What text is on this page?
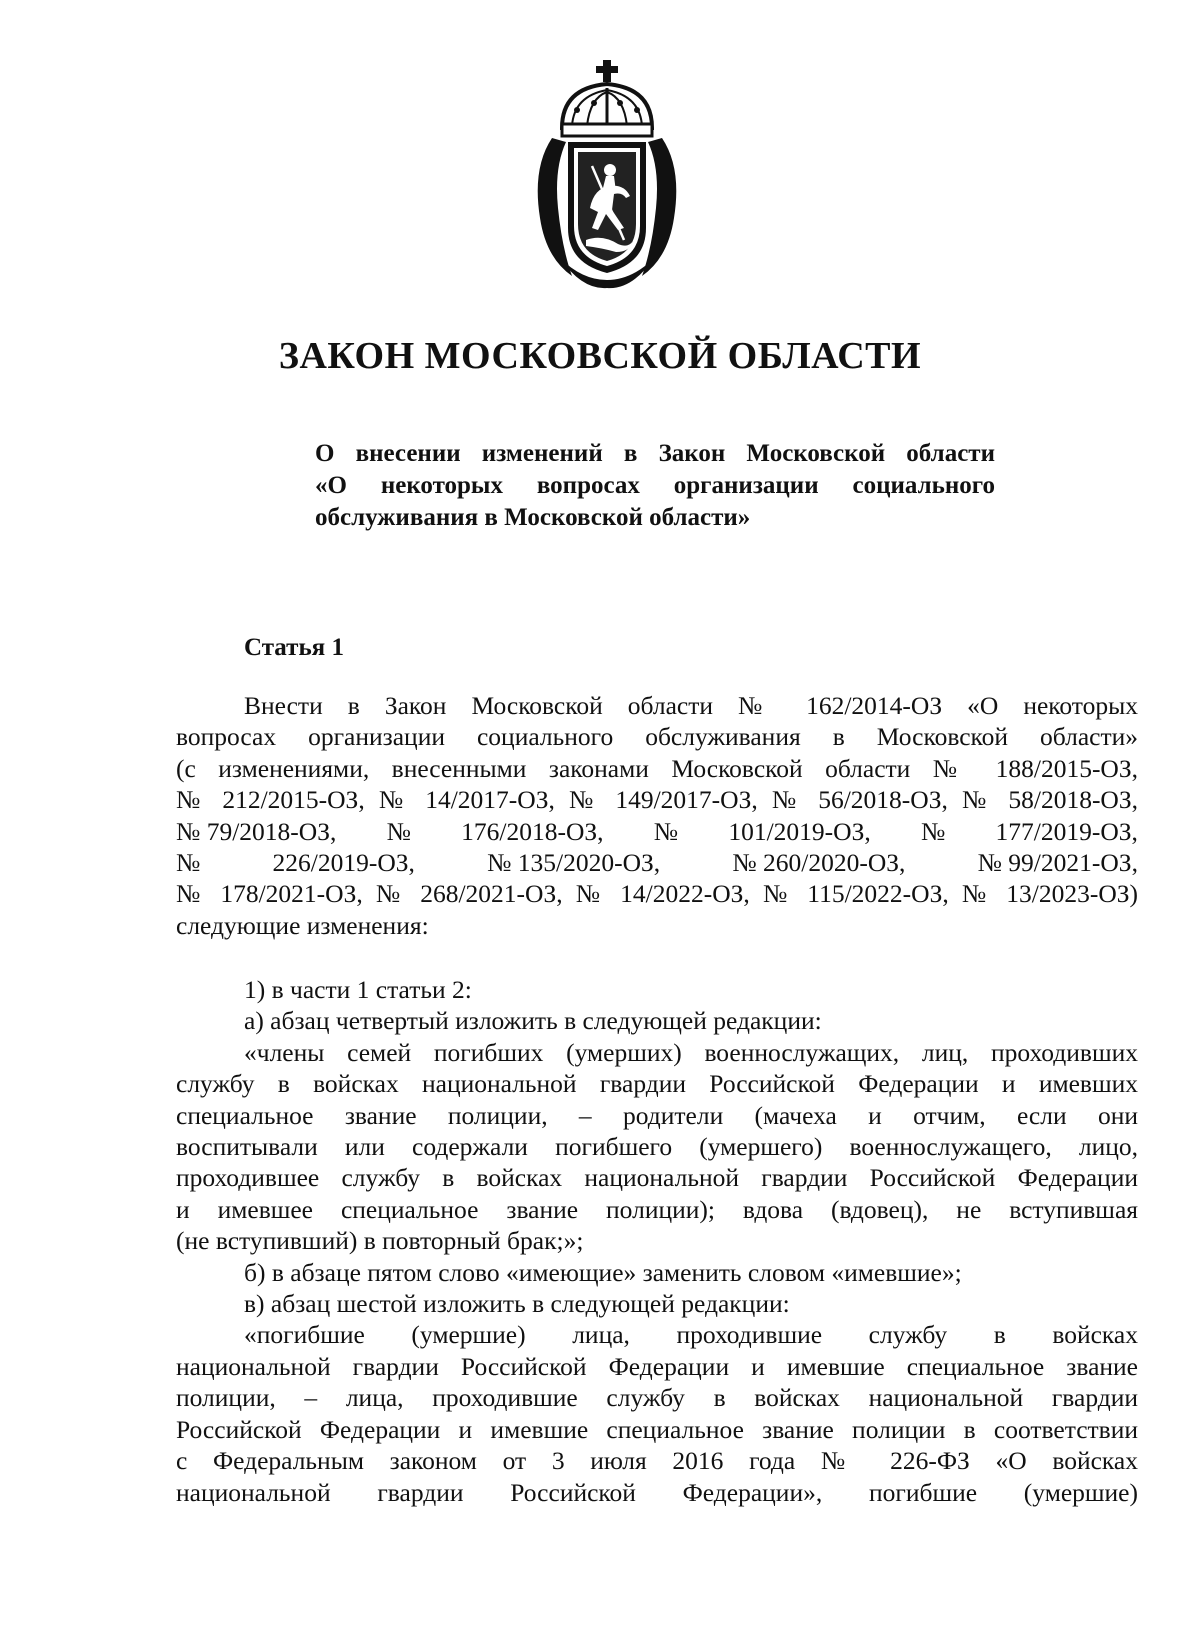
ЗАКОН МОСКОВСКОЙ ОБЛАСТИ
О внесении изменений в Закон Московской области
«О некоторых вопросах организации социального
обслуживания в Московской области»
Статья 1
Внести в Закон Московской области № 162/2014-ОЗ «О некоторых
вопросах организации социального обслуживания в Московской области»
(с изменениями, внесенными законами Московской области № 188/2015-ОЗ,
№ 212/2015-ОЗ, № 14/2017-ОЗ, № 149/2017-ОЗ, № 56/2018-ОЗ, № 58/2018-ОЗ,
№ 79/2018-ОЗ, № 176/2018-ОЗ, № 101/2019-ОЗ, № 177/2019-ОЗ,
№	226/2019-ОЗ,	№ 135/2020-ОЗ,	№ 260/2020-ОЗ,	№ 99/2021-ОЗ,
№ 178/2021-ОЗ, № 268/2021-ОЗ, № 14/2022-ОЗ, № 115/2022-ОЗ, № 13/2023-ОЗ)
следующие изменения:
1) в части 1 статьи 2:
а) абзац четвертый изложить в следующей редакции:
«члены семей погибших (умерших) военнослужащих, лиц, проходивших
службу в войсках национальной гвардии Российской Федерации и имевших
специальное звание полиции, – родители (мачеха и отчим, если они
воспитывали или содержали погибшего (умершего) военнослужащего, лицо,
проходившее службу в войсках национальной гвардии Российской Федерации
и имевшее специальное звание полиции); вдова (вдовец), не вступившая
(не вступивший) в повторный брак;»;
б) в абзаце пятом слово «имеющие» заменить словом «имевшие»;
в) абзац шестой изложить в следующей редакции:
«погибшие (умершие) лица, проходившие службу в войсках
национальной гвардии Российской Федерации и имевшие специальное звание
полиции, – лица, проходившие службу в войсках национальной гвардии
Российской Федерации и имевшие специальное звание полиции в соответствии
с Федеральным законом от 3 июля 2016 года № 226-ФЗ «О войсках
национальной гвардии Российской Федерации», погибшие (умершие)
